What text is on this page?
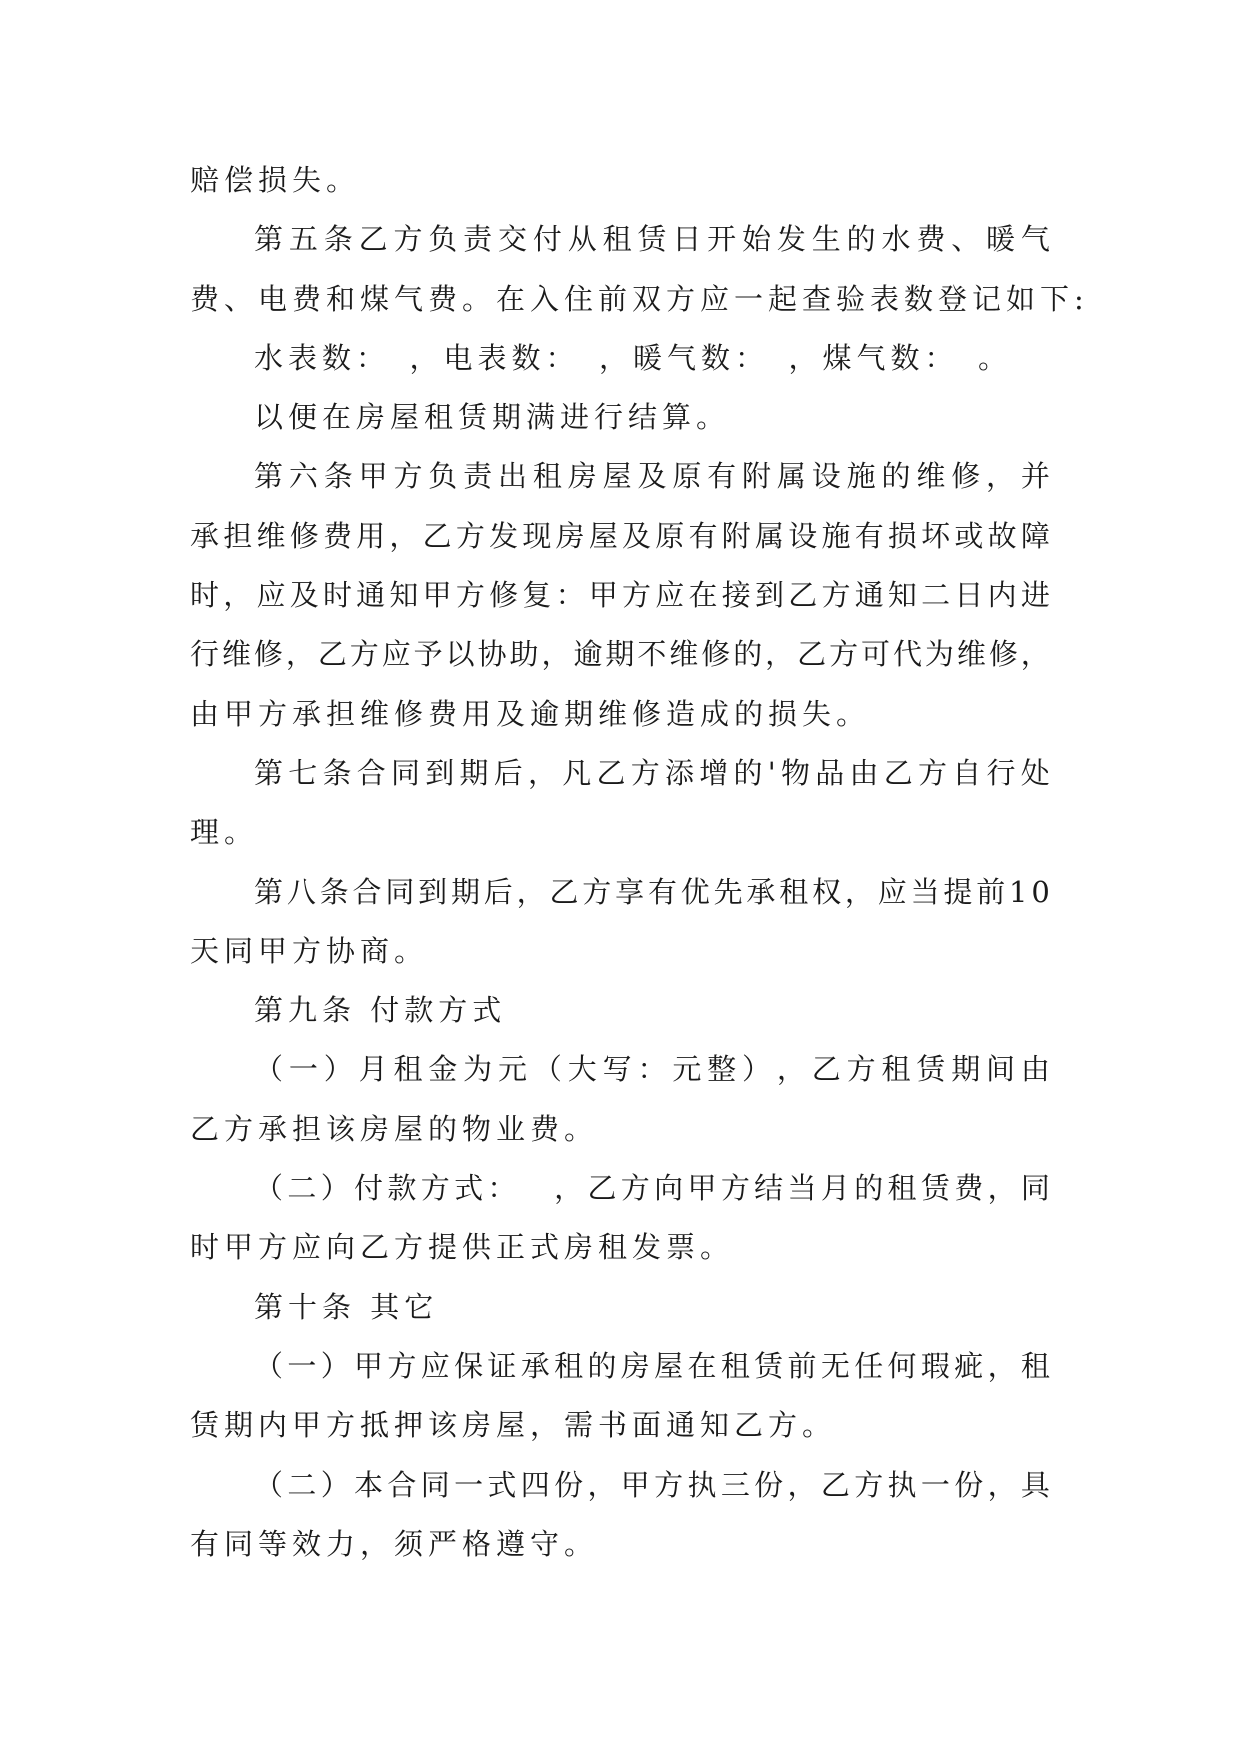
赔偿损失。
第 五 条 乙 方 负 责 交 付 从 租 赁 日 开 始 发 生 的 水 费 、 暖 气
费、电费和煤气费。在入住前双方应一起查验表数登记如下:
水表数：　，电表数：　，暖气数：　，煤气数：　。
以便在房屋租赁期满进行结算。
第 六 条 甲 方 负 责 出 租 房 屋 及 原 有 附 属 设 施 的 维 修 ， 并
承 担 维 修 费 用 ， 乙 方 发 现 房 屋 及 原 有 附 属 设 施 有 损 坏 或 故 障
时 ， 应 及 时 通 知 甲 方 修 复 ： 甲 方 应 在 接 到 乙 方 通 知 二 日 内 进
行 维 修 ， 乙 方 应 予 以 协 助 ， 逾 期 不 维 修 的 ， 乙 方 可 代 为 维 修 ，
由甲方承担维修费用及逾期维修造成的损失。
第 七 条 合 同 到 期 后 ， 凡 乙 方 添 增 的 ' 物 品 由 乙 方 自 行 处
理。
第 八 条 合 同 到 期 后 ， 乙 方 享 有 优 先 承 租 权 ， 应 当 提 前 1 0
天同甲方协商。
第九条 付款方式
（ 一 ） 月 租 金 为 元 （ 大 写 ： 元 整 ） ， 乙 方 租 赁 期 间 由
乙方承担该房屋的物业费。
（ 二 ） 付 款 方 式 ：
　 ， 乙 方 向 甲 方 结 当 月 的 租 赁 费 ， 同
时甲方应向乙方提供正式房租发票。
第十条 其它
（ 一 ） 甲 方 应 保 证 承 租 的 房 屋 在 租 赁 前 无 任 何 瑕 疵 ， 租
赁期内甲方抵押该房屋，需书面通知乙方。
（ 二 ） 本 合 同 一 式 四 份 ， 甲 方 执 三 份 ， 乙 方 执 一 份 ， 具
有同等效力，须严格遵守。
